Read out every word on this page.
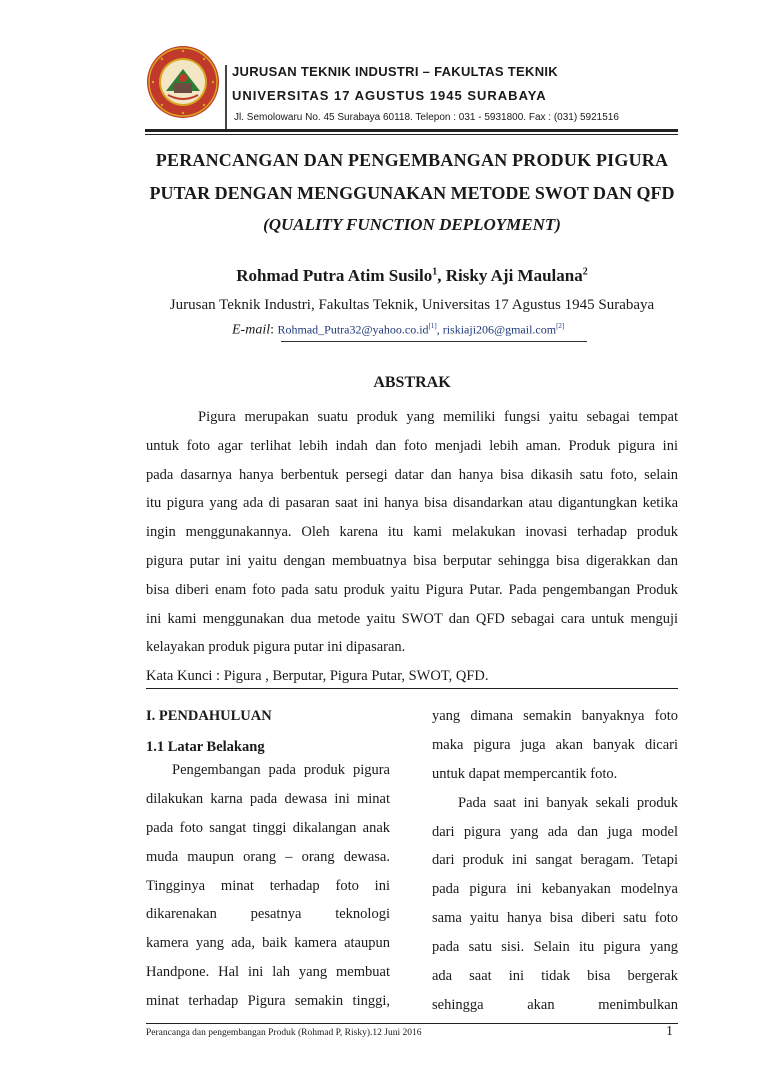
JURUSAN TEKNIK INDUSTRI – FAKULTAS TEKNIK
UNIVERSITAS 17 AGUSTUS 1945 SURABAYA
Jl. Semolowaru No. 45 Surabaya 60118. Telepon : 031 - 5931800. Fax : (031) 5921516
PERANCANGAN DAN PENGEMBANGAN PRODUK PIGURA
PUTAR DENGAN MENGGUNAKAN METODE SWOT DAN QFD
(QUALITY FUNCTION DEPLOYMENT)
Rohmad Putra Atim Susilo$^1$, Risky Aji Maulana$^2$
Jurusan Teknik Industri, Fakultas Teknik, Universitas 17 Agustus 1945 Surabaya
E-mail: Rohmad_Putra32@yahoo.co.id[1], riskiaji206@gmail.com[2]
ABSTRAK
Pigura merupakan suatu produk yang memiliki fungsi yaitu sebagai tempat
untuk foto agar terlihat lebih indah dan foto menjadi lebih aman. Produk pigura ini
pada dasarnya hanya berbentuk persegi datar dan hanya bisa dikasih satu foto, selain
itu pigura yang ada di pasaran saat ini hanya bisa disandarkan atau digantungkan ketika
ingin menggunakannya. Oleh karena itu kami melakukan inovasi terhadap produk
pigura putar ini yaitu dengan membuatnya bisa berputar sehingga bisa digerakkan dan
bisa diberi enam foto pada satu produk yaitu Pigura Putar. Pada pengembangan Produk
ini kami menggunakan dua metode yaitu SWOT dan QFD sebagai cara untuk menguji
kelayakan produk pigura putar ini dipasaran.
Kata Kunci : Pigura , Berputar, Pigura Putar, SWOT, QFD.
I. PENDAHULUAN
1.1 Latar Belakang
Pengembangan pada produk pigura
dilakukan karna pada dewasa ini minat
pada foto sangat tinggi dikalangan anak
muda maupun orang – orang dewasa.
Tingginya minat terhadap foto ini
dikarenakan pesatnya teknologi
kamera yang ada, baik kamera ataupun
Handpone. Hal ini lah yang membuat
minat terhadap Pigura semakin tinggi,
yang dimana semakin banyaknya foto
maka pigura juga akan banyak dicari
untuk dapat mempercantik foto.
Pada saat ini banyak sekali produk
dari pigura yang ada dan juga model
dari produk ini sangat beragam. Tetapi
pada pigura ini kebanyakan modelnya
sama yaitu hanya bisa diberi satu foto
pada satu sisi. Selain itu pigura yang
ada saat ini tidak bisa bergerak
sehingga akan menimbulkan
Perancanga dan pengembangan Produk (Rohmad P, Risky).12 Juni 2016	1
